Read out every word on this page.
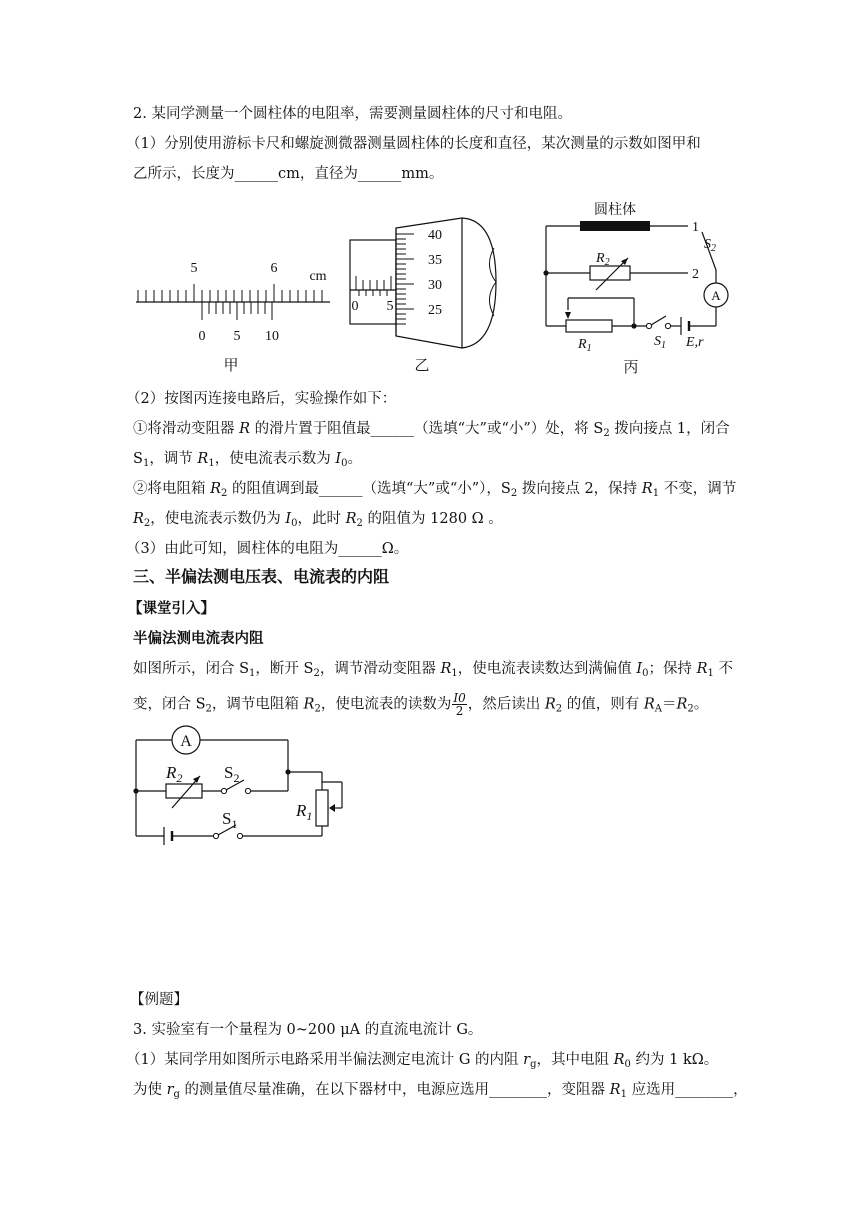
2. 某同学测量一个圆柱体的电阻率，需要测量圆柱体的尺寸和电阻。
（1）分别使用游标卡尺和螺旋测微器测量圆柱体的长度和直径，某次测量的示数如图甲和
乙所示，长度为______cm，直径为______mm。
5	6
cm
0 5 10
甲
0 5
40
35
30
25
乙
A
圆柱体
1
2
$S_2$
$R_2$
$R_1$	$S_1$ E,r
丙
（2）按图丙连接电路后，实验操作如下：
①将滑动变阻器 R 的滑片置于阻值最______（选填“大”或“小”）处，将 $S_2$ 拨向接点 1，闭合
$S_1$，调节 $R_1$，使电流表示数为 $I_0$。
②将电阻箱 $R_2$ 的阻值调到最______（选填“大”或“小”），$S_2$ 拨向接点 2，保持 $R_1$ 不变，调节
$R_2$，使电流表示数仍为 $I_0$，此时 $R_2$ 的阻值为 1280 Ω 。
（3）由此可知，圆柱体的电阻为______Ω。
三、半偏法测电压表、电流表的内阻
【课堂引入】
半偏法测电流表内阻
如图所示，闭合 $S_1$，断开 $S_2$，调节滑动变阻器 $R_1$，使电流表读数达到满偏值 $I_0$；保持 $R_1$ 不
变，闭合 $S_2$，调节电阻箱 $R_2$，使电流表的读数为 $\frac{I0}{2}$ ，然后读出 $R_2$ 的值，则有 $R_A=R_2$。
A
$R_2$ $S_2$
$R_1$
$S_1$
【例题】
3. 实验室有一个量程为 0~200 μA 的直流电流计 G。
（1）某同学用如图所示电路采用半偏法测定电流计 G 的内阻 $r_g$，其中电阻 $R_0$ 约为 1 kΩ。
为使 $r_g$ 的测量值尽量准确，在以下器材中，电源应选用________，变阻器 $R_1$ 应选用________，
